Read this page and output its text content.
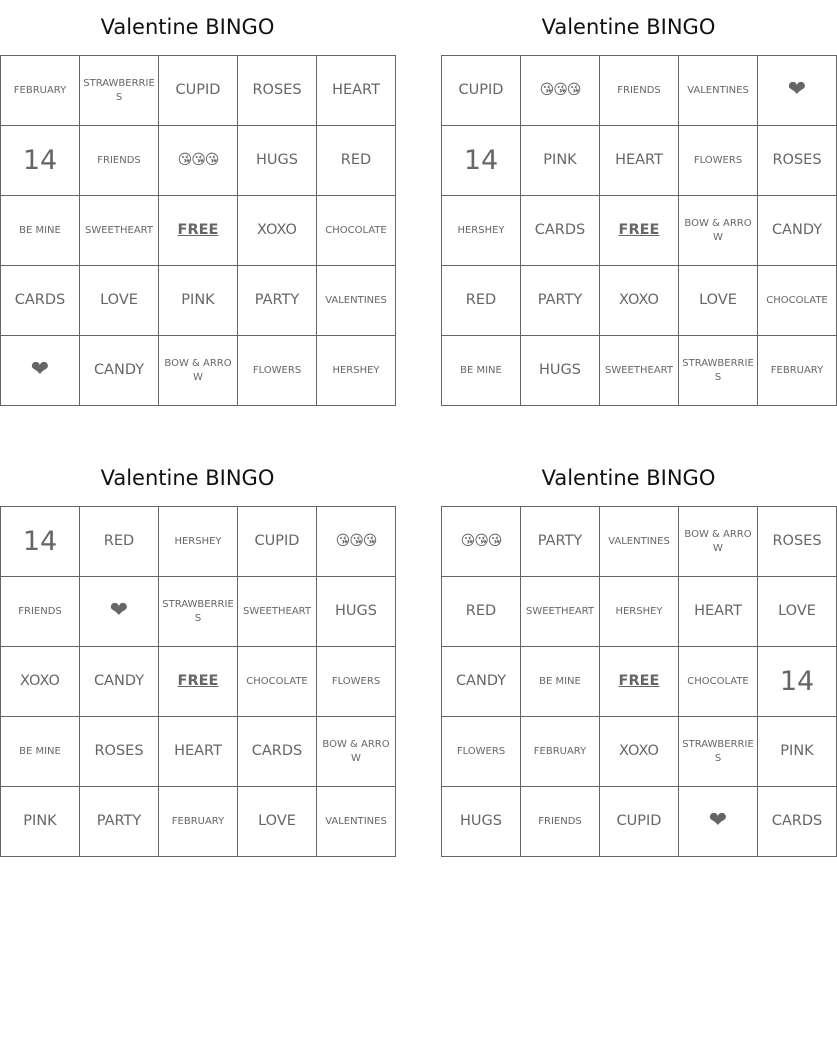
Valentine BINGO
FEBRUARY	STRAWBERRIES	CUPID	ROSES	HEART
14	FRIENDS	😘😘😘	HUGS	RED
BE MINE	SWEETHEART	FREE	XOXO	CHOCOLATE
CARDS	LOVE	PINK	PARTY	VALENTINES
❤	CANDY	BOW & ARROW	FLOWERS	HERSHEY
Valentine BINGO
CUPID	😘😘😘	FRIENDS	VALENTINES	❤
14	PINK	HEART	FLOWERS	ROSES
HERSHEY	CARDS	FREE	BOW & ARROW	CANDY
RED	PARTY	XOXO	LOVE	CHOCOLATE
BE MINE	HUGS	SWEETHEART	STRAWBERRIES	FEBRUARY
Valentine BINGO
14	RED	HERSHEY	CUPID	😘😘😘
FRIENDS	❤	STRAWBERRIES	SWEETHEART	HUGS
XOXO	CANDY	FREE	CHOCOLATE	FLOWERS
BE MINE	ROSES	HEART	CARDS	BOW & ARROW
PINK	PARTY	FEBRUARY	LOVE	VALENTINES
Valentine BINGO
😘😘😘	PARTY	VALENTINES	BOW & ARROW	ROSES
RED	SWEETHEART	HERSHEY	HEART	LOVE
CANDY	BE MINE	FREE	CHOCOLATE	14
FLOWERS	FEBRUARY	XOXO	STRAWBERRIES	PINK
HUGS	FRIENDS	CUPID	❤	CARDS
